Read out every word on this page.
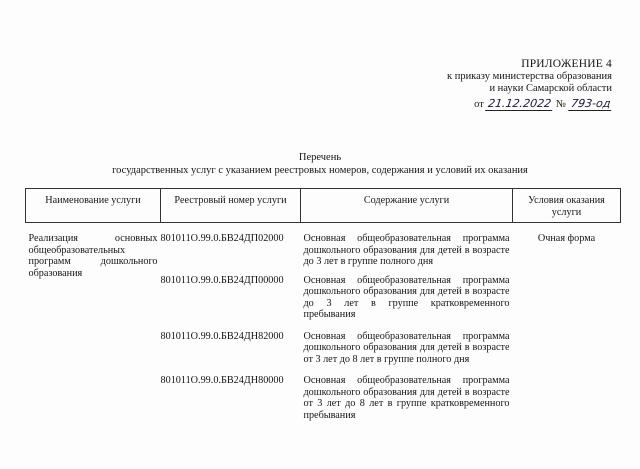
ПРИЛОЖЕНИЕ 4
к приказу министерства образования
и науки Самарской области
от 21.12.2022 № 793-од
Перечень
государственных услуг с указанием реестровых номеров, содержания и условий их оказания
Наименование услуги	Реестровый номер услуги	Содержание услуги	Условия оказания услуги
Реализация основных общеобразовательных программ дошкольного образования	801011О.99.0.БВ24ДП02000	Основная общеобразовательная программа дошкольного образования для детей в возрасте до 3 лет в группе полного дня	Очная форма

	801011О.99.0.БВ24ДП00000	Основная общеобразовательная программа дошкольного образования для детей в возрасте до 3 лет в группе кратковременного пребывания	

	801011О.99.0.БВ24ДН82000	Основная общеобразовательная программа дошкольного образования для детей в возрасте от 3 лет до 8 лет в группе полного дня	

	801011О.99.0.БВ24ДН80000	Основная общеобразовательная программа дошкольного образования для детей в возрасте от 3 лет до 8 лет в группе кратковременного пребывания	
